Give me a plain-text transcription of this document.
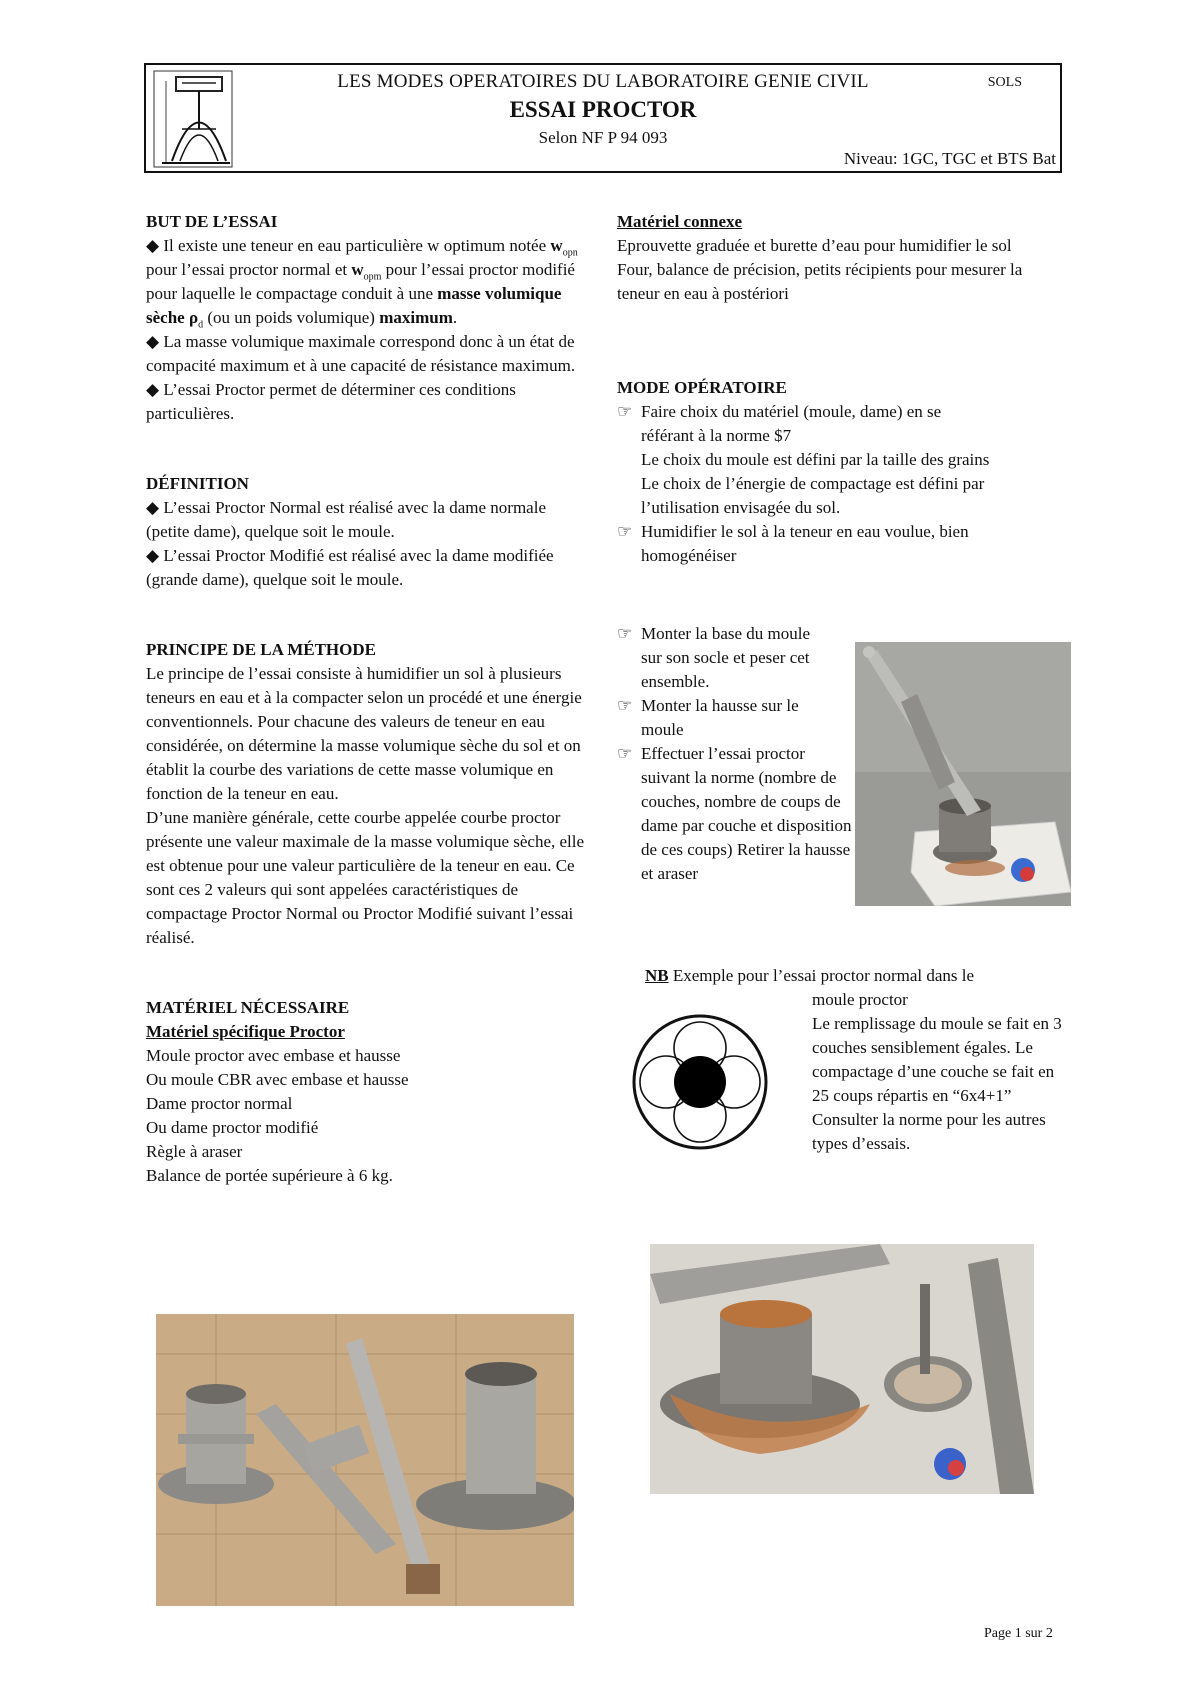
LES MODES OPERATOIRES DU LABORATOIRE GENIE CIVIL	SOLS
ESSAI PROCTOR
Selon NF P 94 093
Niveau: 1GC, TGC et BTS Bat

BUT DE L’ESSAI

◆ Il existe une teneur en eau particulière w optimum notée $w_{opn}$ pour l’essai proctor normal et $w_{opm}$ pour l’essai proctor modifié pour laquelle le compactage conduit à une masse volumique sèche $\rho_d$ (ou un poids volumique) maximum.

◆ La masse volumique maximale correspond donc à un état de compacité maximum et à une capacité de résistance maximum.

◆ L’essai Proctor permet de déterminer ces conditions particulières.

DÉFINITION

◆ L’essai Proctor Normal est réalisé avec la dame normale (petite dame), quelque soit le moule.

◆ L’essai Proctor Modifié est réalisé avec la dame modifiée (grande dame), quelque soit le moule.

PRINCIPE DE LA MÉTHODE

Le principe de l’essai consiste à humidifier un sol à plusieurs teneurs en eau et à la compacter selon un procédé et une énergie conventionnels. Pour chacune des valeurs de teneur en eau considérée, on détermine la masse volumique sèche du sol et on établit la courbe des variations de cette masse volumique en fonction de la teneur en eau.

D’une manière générale, cette courbe appelée courbe proctor présente une valeur maximale de la masse volumique sèche, elle est obtenue pour une valeur particulière de la teneur en eau. Ce sont ces 2 valeurs qui sont appelées caractéristiques de compactage Proctor Normal ou Proctor Modifié suivant l’essai réalisé.

MATÉRIEL NÉCESSAIRE

Matériel spécifique Proctor

Moule proctor avec embase et hausse

Ou moule CBR avec embase et hausse

Dame proctor normal

Ou dame proctor modifié

Règle à araser

Balance de portée supérieure à 6 kg.

Matériel connexe

Eprouvette graduée et burette d’eau pour humidifier le sol

Four, balance de précision, petits récipients pour mesurer la teneur en eau à postériori

MODE OPÉRATOIRE

☞ Faire choix du matériel (moule, dame) en se

référant à la norme $7

Le choix du moule est défini par la taille des grains

Le choix de l’énergie de compactage est défini par

l’utilisation envisagée du sol.

☞ Humidifier le sol à la teneur en eau voulue, bien

homogénéiser

☞ Monter la base du moule

sur son socle et peser cet ensemble.

☞ Monter la hausse sur le

moule

☞ Effectuer l’essai proctor

suivant la norme (nombre de couches, nombre de coups de dame par couche et disposition de ces coups) Retirer la hausse et araser

NB Exemple pour l’essai proctor normal dans le

moule proctor

Le remplissage du moule se fait en 3 couches sensiblement égales. Le compactage d’une couche se fait en 25 coups répartis en “6x4+1”

Consulter la norme pour les autres types d’essais.

Page 1 sur 2
